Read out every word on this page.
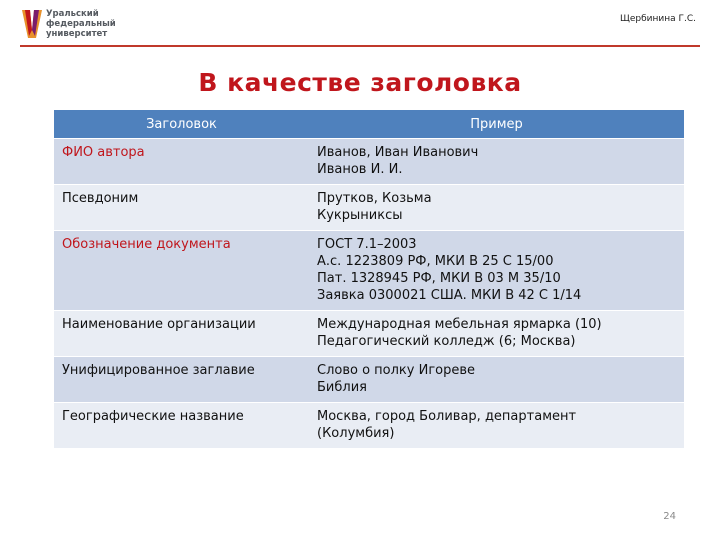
Уральский
федеральный
университет
Щербинина Г.С.
В качестве заголовка
Заголовок	Пример
ФИО автора	Иванов, Иван Иванович
Иванов И. И.

Псевдоним	Прутков, Козьма
Кукрыниксы

Обозначение документа	ГОСТ 7.1–2003
А.с. 1223809 РФ, МКИ В 25 С 15/00
Пат. 1328945 РФ, МКИ В 03 М 35/10
Заявка 0300021 США. МКИ В 42 С 1/14

Наименование организации	Международная мебельная ярмарка (10)
Педагогический колледж (6; Москва)

Унифицированное заглавие	Слово о полку Игореве
Библия

Географические название	Москва, город Боливар, департамент
(Колумбия)
24
